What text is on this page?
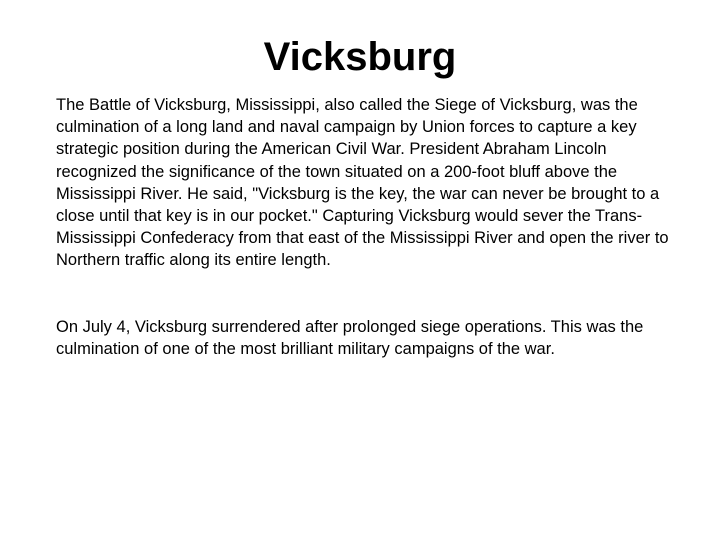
Vicksburg

The Battle of Vicksburg, Mississippi, also called the Siege of Vicksburg, was the culmination of a long land and naval campaign by Union forces to capture a key strategic position during the American Civil War. President Abraham Lincoln recognized the significance of the town situated on a 200-foot bluff above the Mississippi River. He said, "Vicksburg is the key, the war can never be brought to a close until that key is in our pocket." Capturing Vicksburg would sever the Trans-Mississippi Confederacy from that east of the Mississippi River and open the river to Northern traffic along its entire length.

On July 4, Vicksburg surrendered after prolonged siege operations. This was the culmination of one of the most brilliant military campaigns of the war.
